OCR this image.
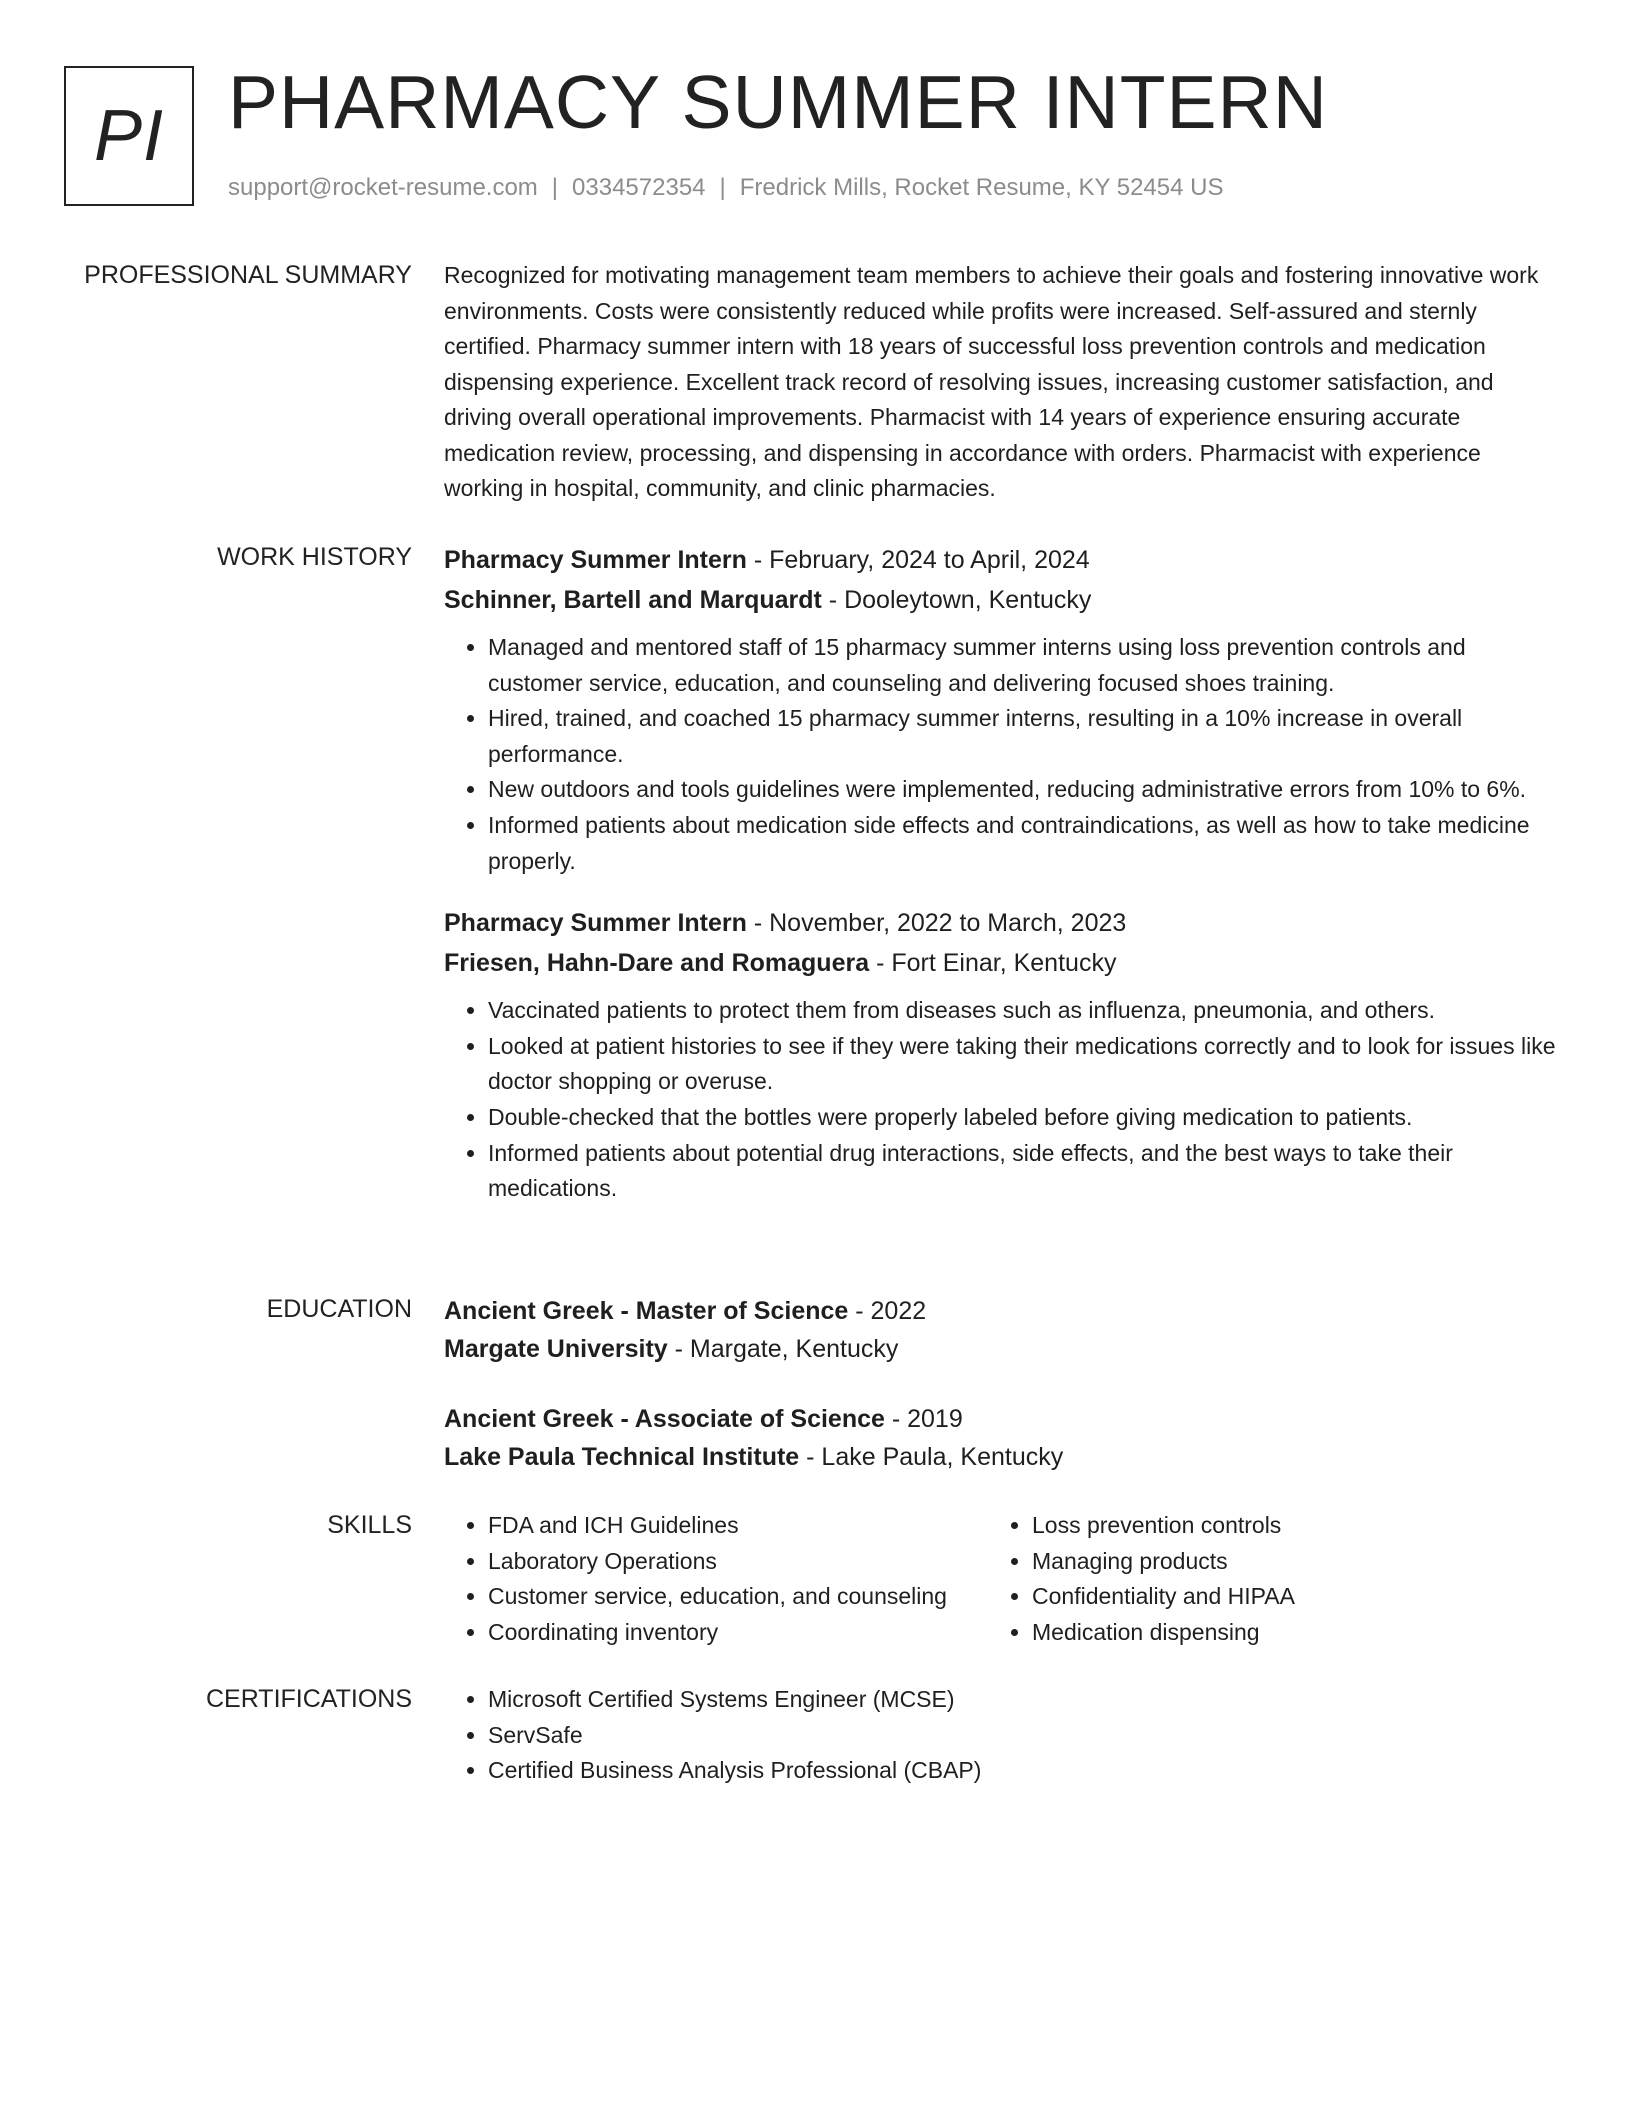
PI PHARMACY SUMMER INTERN
support@rocket-resume.com | 0334572354 | Fredrick Mills, Rocket Resume, KY 52454 US
PROFESSIONAL SUMMARY Recognized for motivating management team members to achieve their goals and fostering innovative work environments. Costs were consistently reduced while profits were increased. Self-assured and sternly certified. Pharmacy summer intern with 18 years of successful loss prevention controls and medication dispensing experience. Excellent track record of resolving issues, increasing customer satisfaction, and driving overall operational improvements. Pharmacist with 14 years of experience ensuring accurate medication review, processing, and dispensing in accordance with orders. Pharmacist with experience working in hospital, community, and clinic pharmacies.

WORK HISTORY Pharmacy Summer Intern - February, 2024 to April, 2024
Schinner, Bartell and Marquardt - Dooleytown, Kentucky
• Managed and mentored staff of 15 pharmacy summer interns using loss prevention controls and customer service, education, and counseling and delivering focused shoes training.
• Hired, trained, and coached 15 pharmacy summer interns, resulting in a 10% increase in overall performance.
• New outdoors and tools guidelines were implemented, reducing administrative errors from 10% to 6%.
• Informed patients about medication side effects and contraindications, as well as how to take medicine properly.
Pharmacy Summer Intern - November, 2022 to March, 2023
Friesen, Hahn-Dare and Romaguera - Fort Einar, Kentucky
• Vaccinated patients to protect them from diseases such as influenza, pneumonia, and others.
• Looked at patient histories to see if they were taking their medications correctly and to look for issues like doctor shopping or overuse.
• Double-checked that the bottles were properly labeled before giving medication to patients.
• Informed patients about potential drug interactions, side effects, and the best ways to take their medications.
EDUCATION Ancient Greek - Master of Science - 2022
Margate University - Margate, Kentucky
Ancient Greek - Associate of Science - 2019
Lake Paula Technical Institute - Lake Paula, Kentucky
SKILLS	• FDA and ICH Guidelines
• Laboratory Operations
• Customer service, education, and counseling
• Coordinating inventory
• Loss prevention controls
• Managing products
• Confidentiality and HIPAA
• Medication dispensing
CERTIFICATIONS	• Microsoft Certified Systems Engineer (MCSE)
• ServSafe
• Certified Business Analysis Professional (CBAP)
